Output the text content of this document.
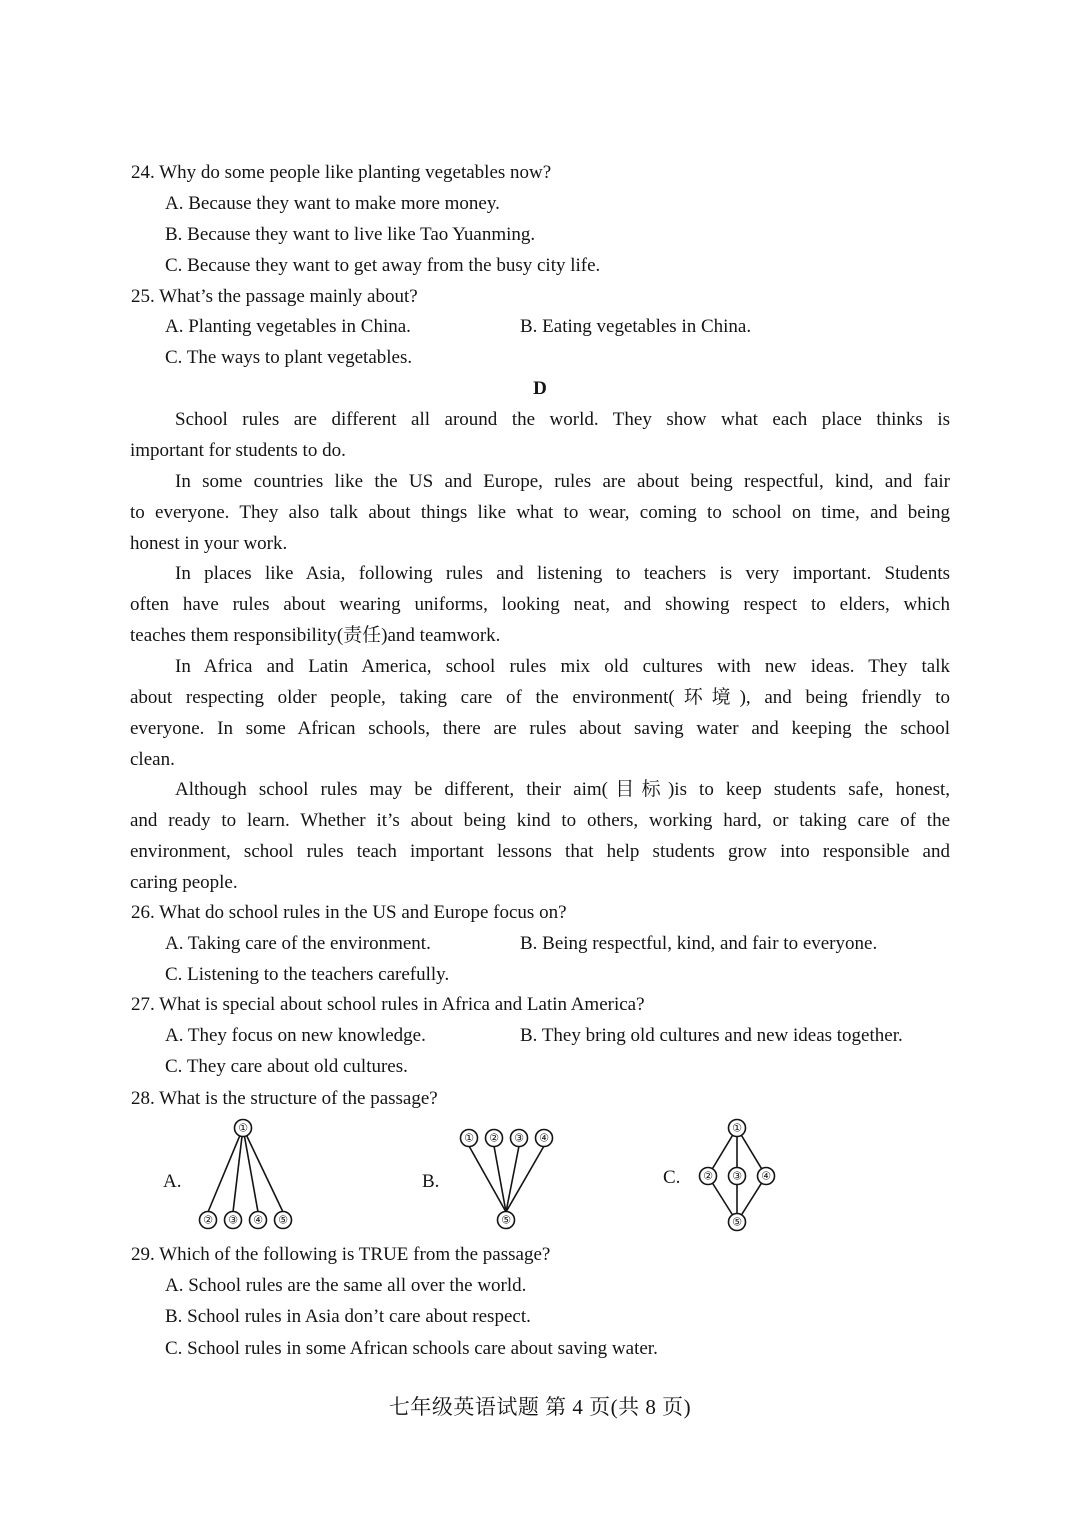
24. Why do some people like planting vegetables now?
A. Because they want to make more money.
B. Because they want to live like Tao Yuanming.
C. Because they want to get away from the busy city life.
25. What’s the passage mainly about?
A. Planting vegetables in China.	B. Eating vegetables in China.
C. The ways to plant vegetables.
D
School rules are different all around the world. They show what each place thinks is
important for students to do.
In some countries like the US and Europe, rules are about being respectful, kind, and fair
to everyone. They also talk about things like what to wear, coming to school on time, and being
honest in your work.
In places like Asia, following rules and listening to teachers is very important. Students
often have rules about wearing uniforms, looking neat, and showing respect to elders, which
teaches them responsibility(责任)and teamwork.
In Africa and Latin America, school rules mix old cultures with new ideas. They talk
about respecting older people, taking care of the environment(环境), and being friendly to
everyone. In some African schools, there are rules about saving water and keeping the school
clean.
Although school rules may be different, their aim(目标)is to keep students safe, honest,
and ready to learn. Whether it’s about being kind to others, working hard, or taking care of the
environment, school rules teach important lessons that help students grow into responsible and
caring people.
26. What do school rules in the US and Europe focus on?
A. Taking care of the environment.	B. Being respectful, kind, and fair to everyone.
C. Listening to the teachers carefully.
27. What is special about school rules in Africa and Latin America?
A. They focus on new knowledge.	B. They bring old cultures and new ideas together.
C. They care about old cultures.
28. What is the structure of the passage?
A.
①
② ③ ④ ⑤
B.
① ② ③ ④
⑤
C.
①
② ③ ④
⑤
29. Which of the following is TRUE from the passage?
A. School rules are the same all over the world.
B. School rules in Asia don’t care about respect.
C. School rules in some African schools care about saving water.
七年级英语试题 第 4 页(共 8 页)
